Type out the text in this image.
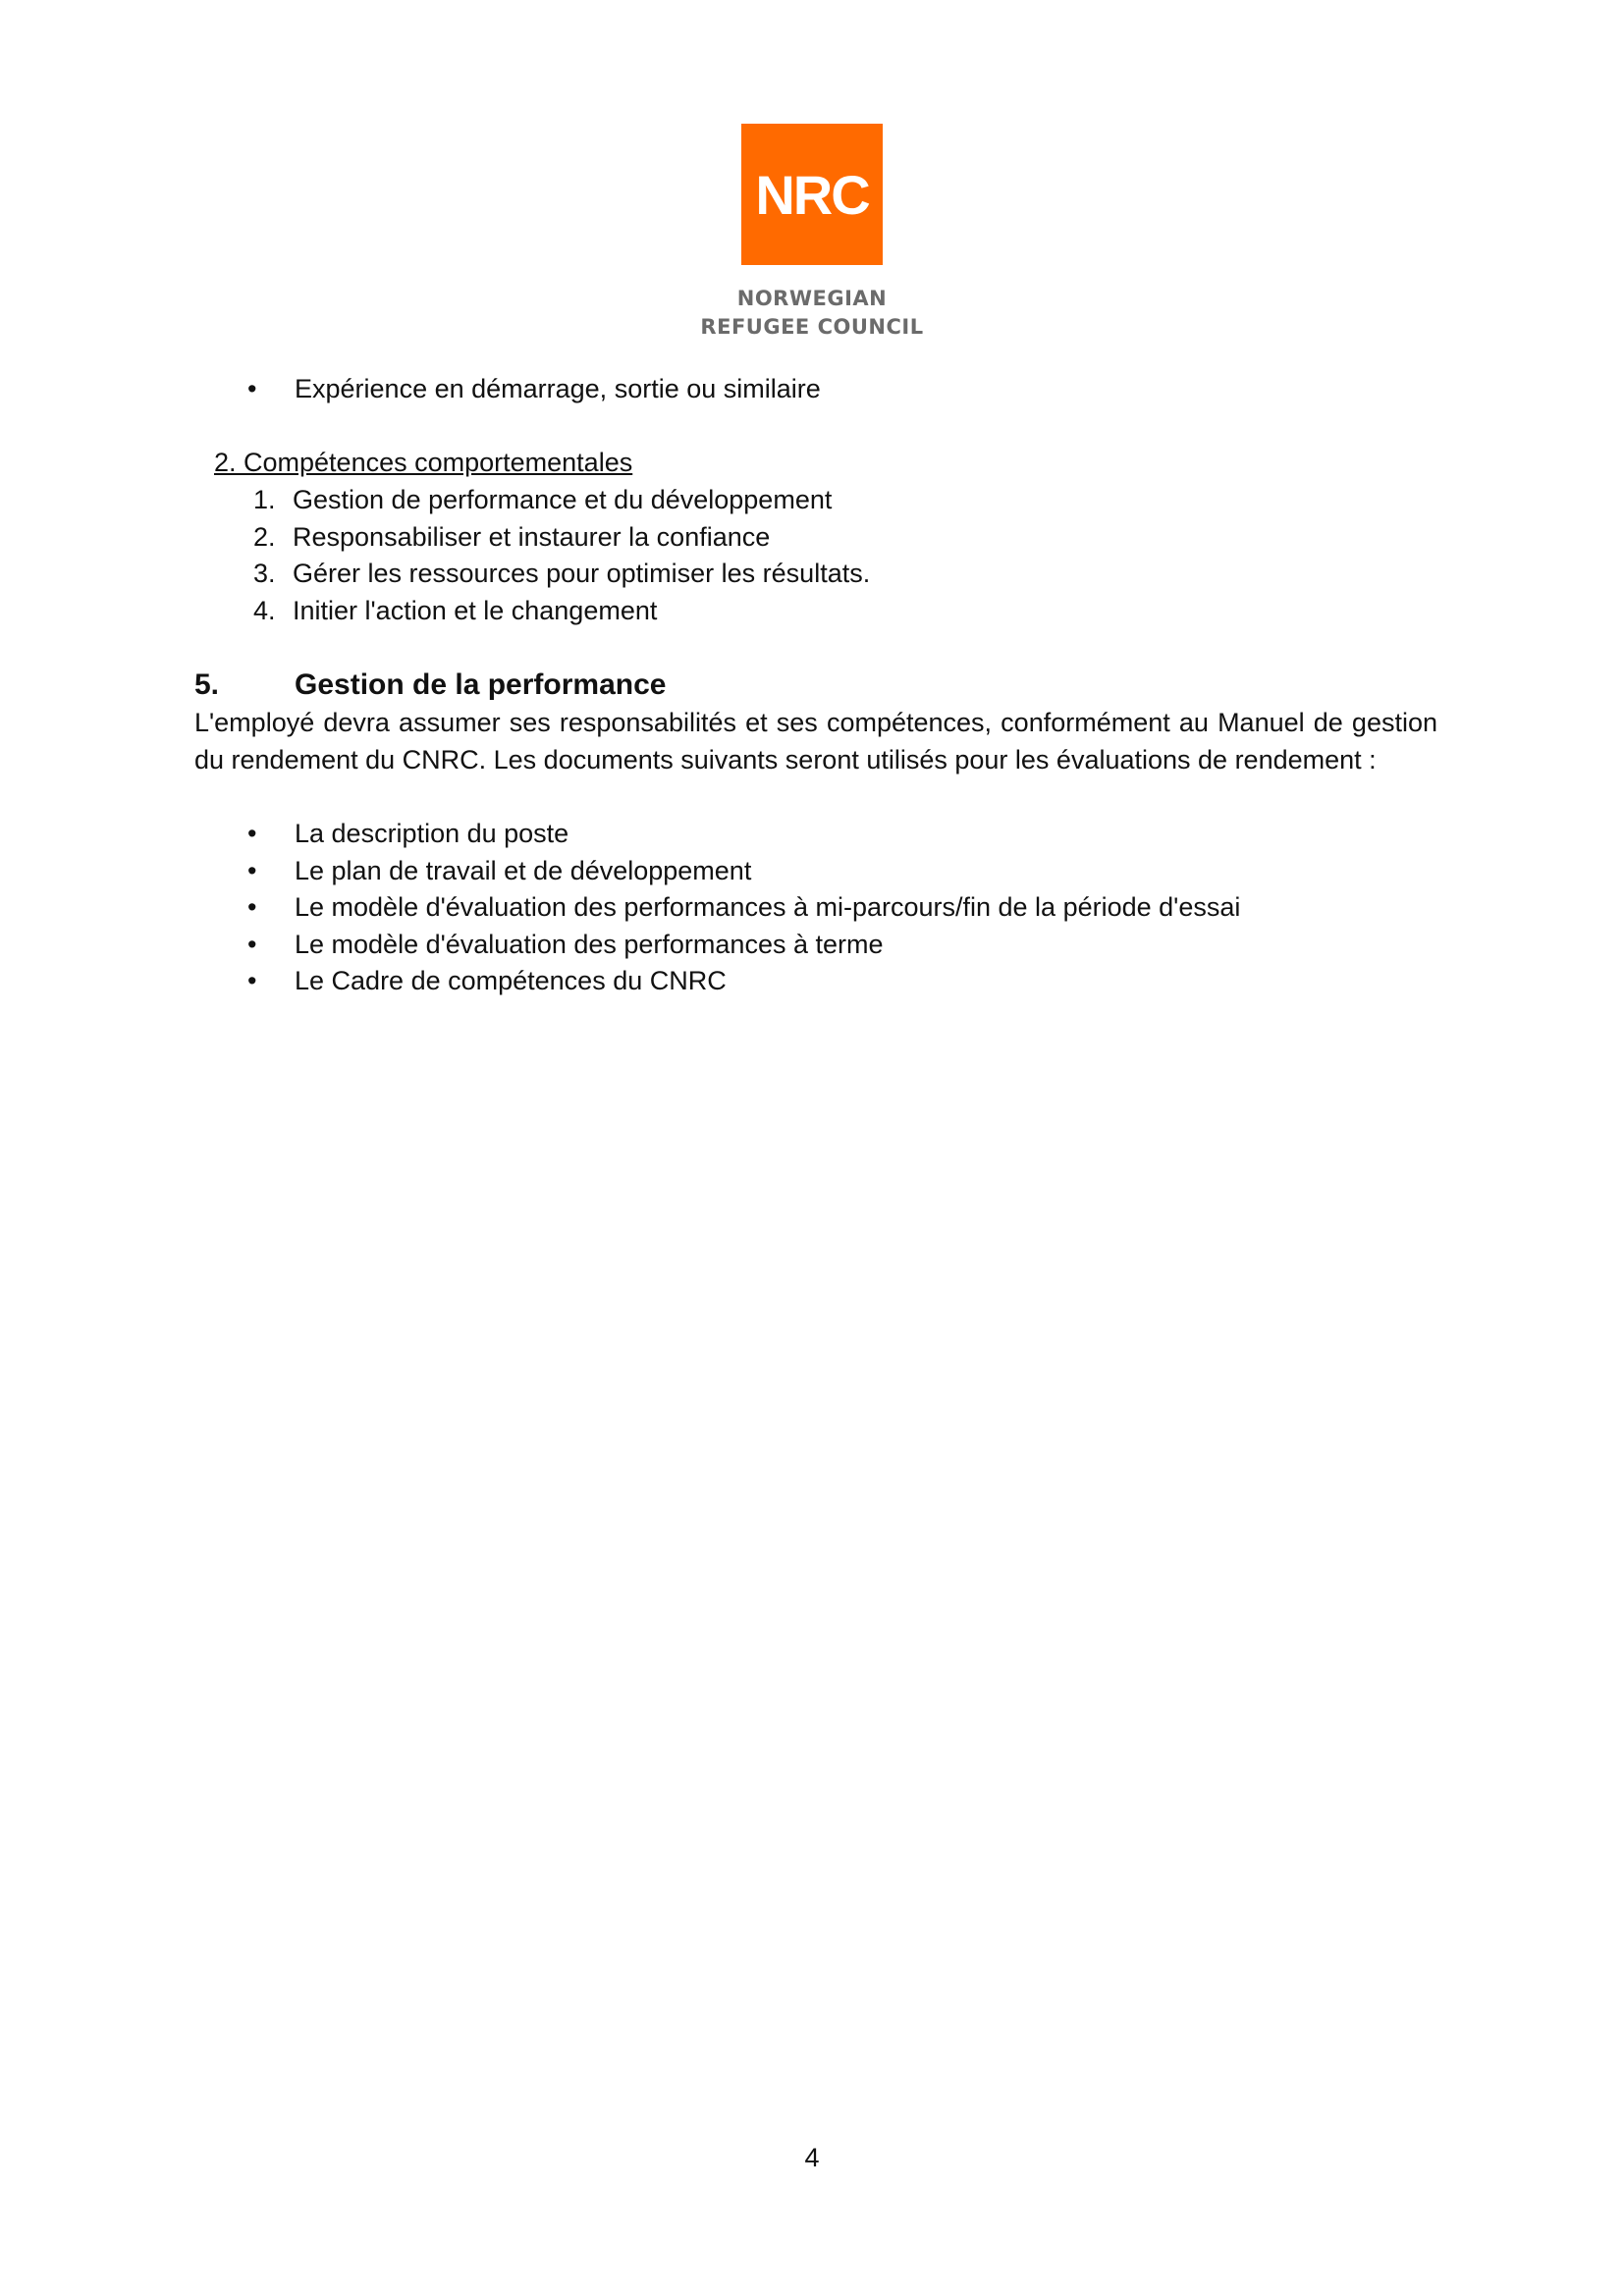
NRC
NORWEGIAN
REFUGEE COUNCIL
• Expérience en démarrage, sortie ou similaire
2. Compétences comportementales
1. Gestion de performance et du développement
2. Responsabiliser et instaurer la confiance
3. Gérer les ressources pour optimiser les résultats.
4. Initier l'action et le changement
5.	Gestion de la performance
L'employé devra assumer ses responsabilités et ses compétences, conformément au Manuel de gestion du rendement du CNRC. Les documents suivants seront utilisés pour les évaluations de rendement :
• La description du poste
• Le plan de travail et de développement
• Le modèle d'évaluation des performances à mi-parcours/fin de la période d'essai
• Le modèle d'évaluation des performances à terme
• Le Cadre de compétences du CNRC
4
